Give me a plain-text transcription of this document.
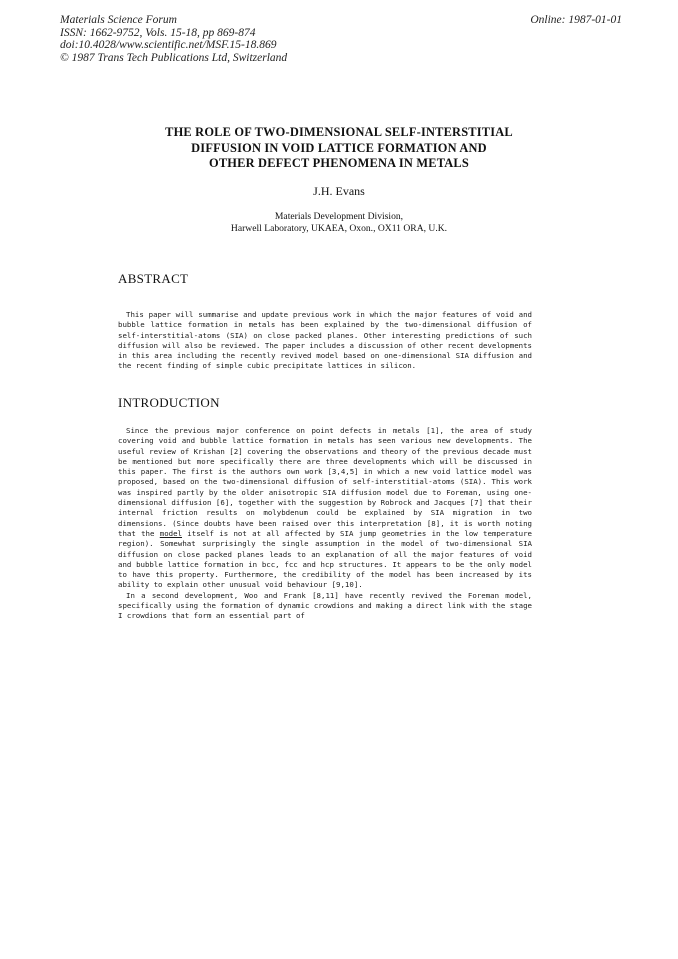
Materials Science Forum
ISSN: 1662-9752, Vols. 15-18, pp 869-874
doi:10.4028/www.scientific.net/MSF.15-18.869
© 1987 Trans Tech Publications Ltd, Switzerland
Online: 1987-01-01
THE ROLE OF TWO-DIMENSIONAL SELF-INTERSTITIAL
DIFFUSION IN VOID LATTICE FORMATION AND
OTHER DEFECT PHENOMENA IN METALS
J.H. Evans
Materials Development Division,
Harwell Laboratory, UKAEA, Oxon., OX11 ORA, U.K.
ABSTRACT

This paper will summarise and update previous work in which the major features of void and bubble lattice formation in metals has been explained by the two-dimensional diffusion of self-interstitial-atoms (SIA) on close packed planes. Other interesting predictions of such diffusion will also be reviewed. The paper includes a discussion of other recent developments in this area including the recently revived model based on one-dimensional SIA diffusion and the recent finding of simple cubic precipitate lattices in silicon.

INTRODUCTION

Since the previous major conference on point defects in metals [1], the area of study covering void and bubble lattice formation in metals has seen various new developments. The useful review of Krishan [2] covering the observations and theory of the previous decade must be mentioned but more specifically there are three developments which will be discussed in this paper. The first is the authors own work [3,4,5] in which a new void lattice model was proposed, based on the two-dimensional diffusion of self-interstitial-atoms (SIA). This work was inspired partly by the older anisotropic SIA diffusion model due to Foreman, using one-dimensional diffusion [6], together with the suggestion by Robrock and Jacques [7] that their internal friction results on molybdenum could be explained by SIA migration in two dimensions. (Since doubts have been raised over this interpretation [8], it is worth noting that the model itself is not at all affected by SIA jump geometries in the low temperature region). Somewhat surprisingly the single assumption in the model of two-dimensional SIA diffusion on close packed planes leads to an explanation of all the major features of void and bubble lattice formation in bcc, fcc and hcp structures. It appears to be the only model to have this property. Furthermore, the credibility of the model has been increased by its ability to explain other unusual void behaviour [9,10].

In a second development, Woo and Frank [8,11] have recently revived the Foreman model, specifically using the formation of dynamic crowdions and making a direct link with the stage I crowdions that form an essential part of
